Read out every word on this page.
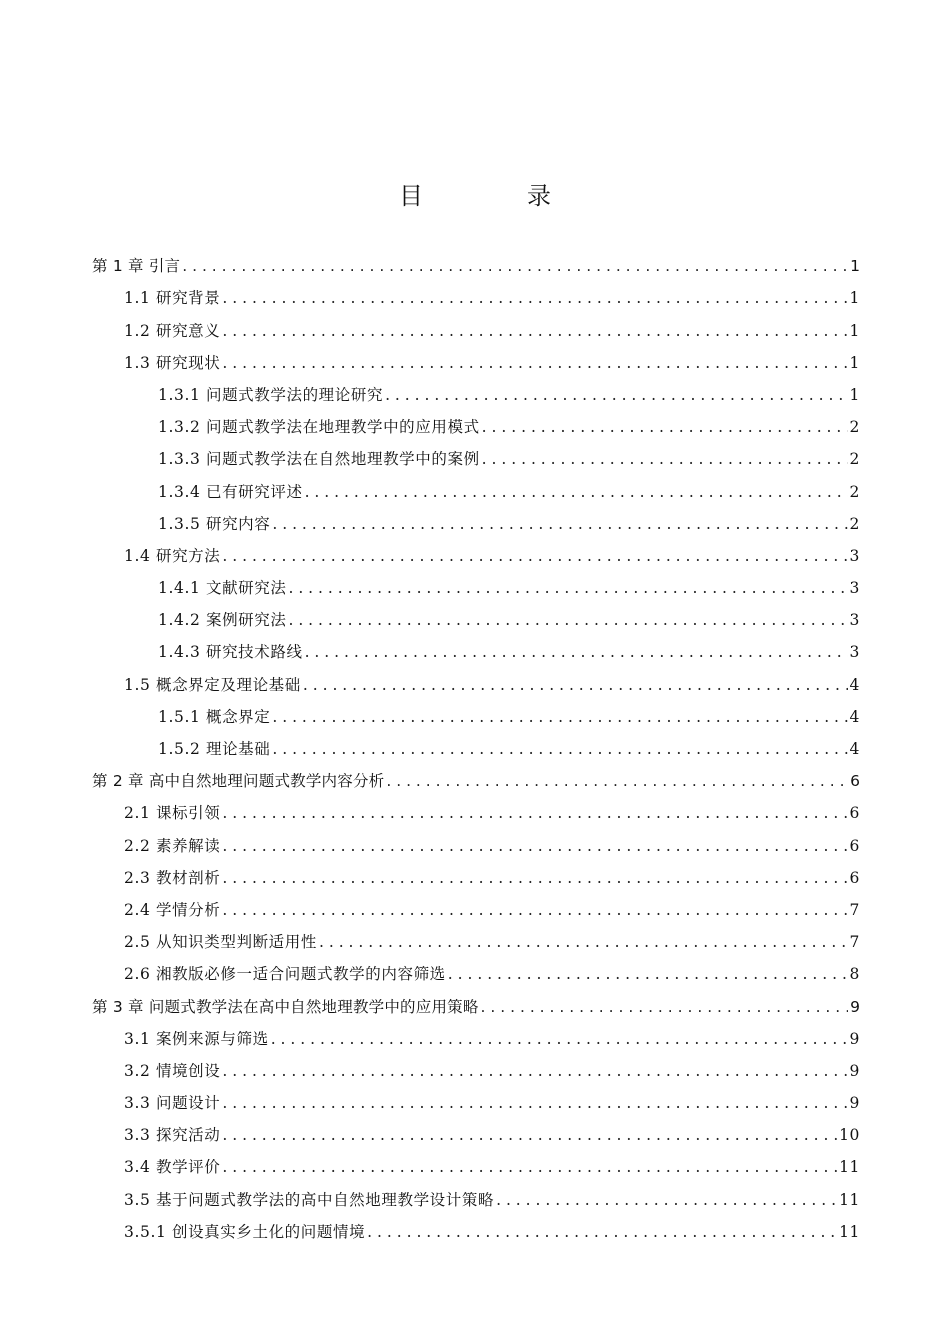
目　录
第 1 章 引言 . . .	1
1.1 研究背景 . . .	1
1.2 研究意义 . . .	1
1.3 研究现状 . . .	1
1.3.1 问题式教学法的理论研究 . . .	1
1.3.2 问题式教学法在地理教学中的应用模式 . . .	2
1.3.3 问题式教学法在自然地理教学中的案例 . . .	2
1.3.4 已有研究评述 . . .	2
1.3.5 研究内容 . . .	2
1.4 研究方法 . . .	3
1.4.1 文献研究法 . . .	3
1.4.2 案例研究法 . . .	3
1.4.3 研究技术路线 . . .	3
1.5 概念界定及理论基础 . . .	4
1.5.1 概念界定 . . .	4
1.5.2 理论基础 . . .	4
第 2 章 高中自然地理问题式教学内容分析 . . .	6
2.1 课标引领 . . .	6
2.2 素养解读 . . .	6
2.3 教材剖析 . . .	6
2.4 学情分析 . . .	7
2.5 从知识类型判断适用性 . . .	7
2.6 湘教版必修一适合问题式教学的内容筛选 . . .	8
第 3 章 问题式教学法在高中自然地理教学中的应用策略 . . .	9
3.1 案例来源与筛选 . . .	9
3.2 情境创设 . . .	9
3.3 问题设计 . . .	9
3.3 探究活动 . . .	10
3.4 教学评价 . . .	11
3.5 基于问题式教学法的高中自然地理教学设计策略 . . .	11
3.5.1 创设真实乡土化的问题情境 . . .	11
